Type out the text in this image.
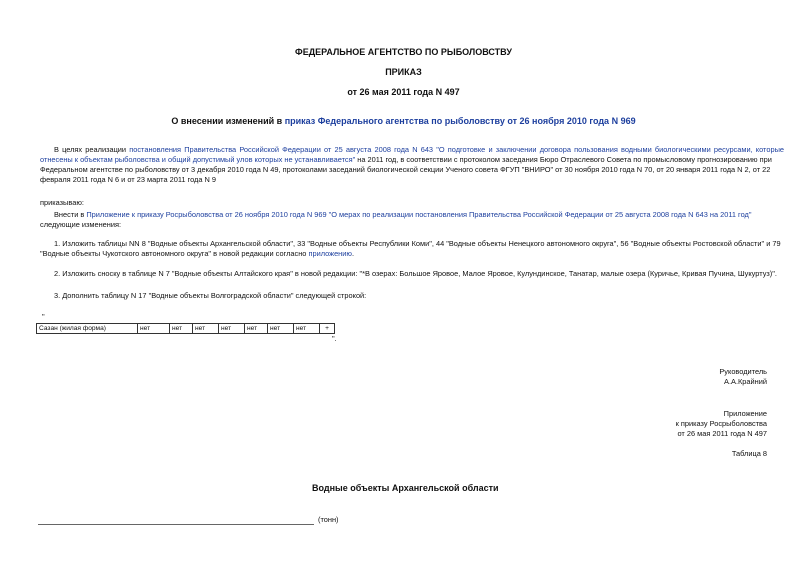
ФЕДЕРАЛЬНОЕ АГЕНТСТВО ПО РЫБОЛОВСТВУ
ПРИКАЗ
от 26 мая 2011 года N 497
О внесении изменений в приказ Федерального агентства по рыболовству от 26 ноября 2010 года N 969

В целях реализации постановления Правительства Российской Федерации от 25 августа 2008 года N 643 "О подготовке и заключении договора пользования водными биологическими ресурсами, которые

отнесены к объектам рыболовства и общий допустимый улов которых не устанавливается" на 2011 год, в соответствии с протоколом заседания Бюро Отраслевого Совета по промысловому прогнозированию при

Федеральном агентстве по рыболовству от 3 декабря 2010 года N 49, протоколами заседаний биологической секции Ученого совета ФГУП "ВНИРО" от 30 ноября 2010 года N 70, от 20 января 2011 года N 2, от 22

февраля 2011 года N 6 и от 23 марта 2011 года N 9

приказываю:

Внести в Приложение к приказу Росрыболовства от 26 ноября 2010 года N 969 "О мерах по реализации постановления Правительства Российской Федерации от 25 августа 2008 года N 643 на 2011 год"

следующие изменения:

1. Изложить таблицы NN 8 "Водные объекты Архангельской области", 33 "Водные объекты Республики Коми", 44 "Водные объекты Ненецкого автономного округа", 56 "Водные объекты Ростовской области" и 79

"Водные объекты Чукотского автономного округа" в новой редакции согласно приложению.

2. Изложить сноску в таблице N 7 "Водные объекты Алтайского края" в новой редакции: "*В озерах: Большое Яровое, Малое Яровое, Кулундинское, Танатар, малые озера (Куричье, Кривая Пучина, Шукуртуз)".

3. Дополнить таблицу N 17 "Водные объекты Волгоградской области" следующей строкой:

"
Сазан (жилая форма)	нет	нет	нет	нет	нет	нет	нет	+
".
Руководитель
А.А.Крайний
Приложение
к приказу Росрыболовства
от 26 мая 2011 года N 497
Таблица 8
Водные объекты Архангельской области
(тонн)
